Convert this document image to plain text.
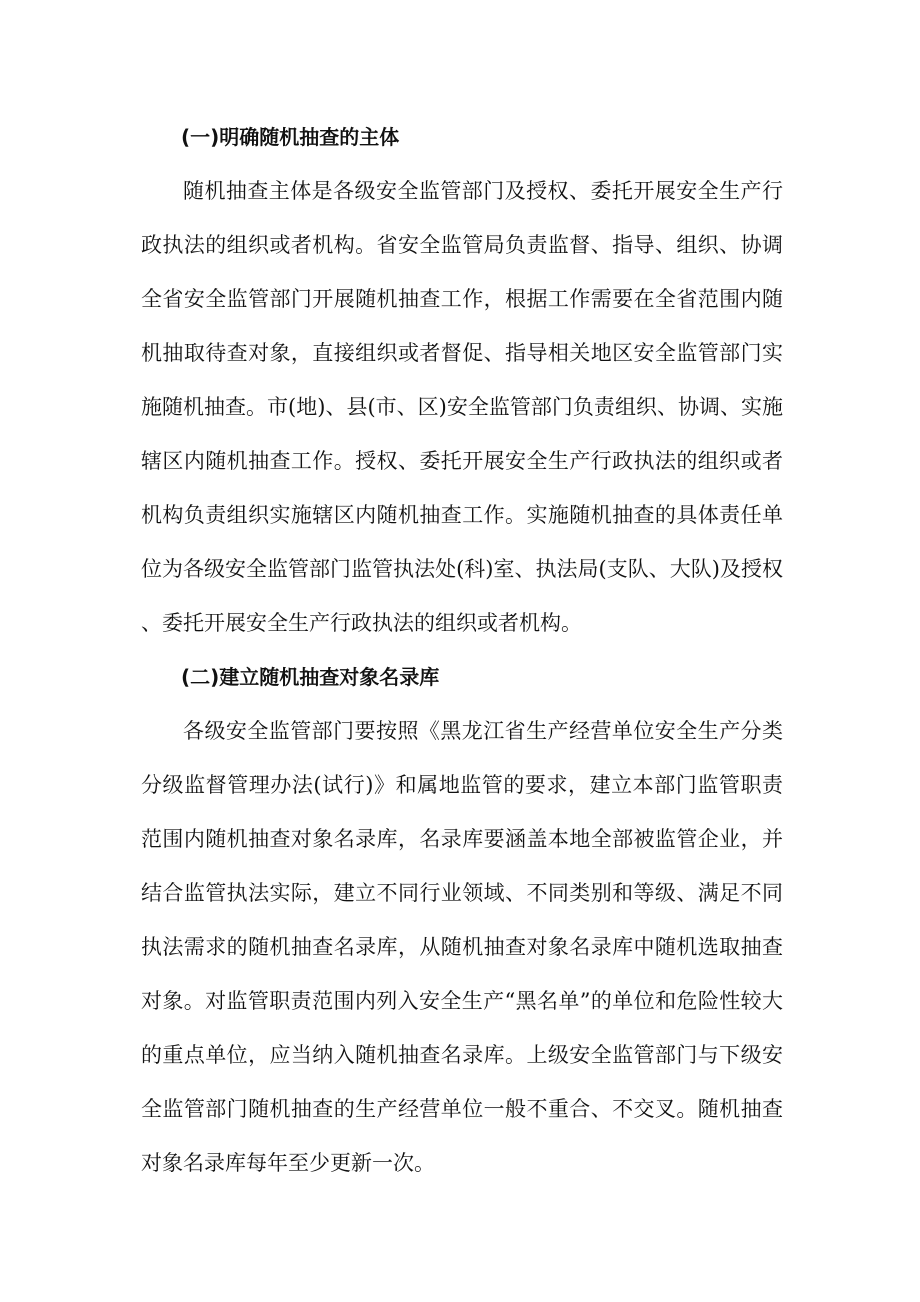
(一)明确随机抽查的主体

随机抽查主体是各级安全监管部门及授权、委托开展安全生产行政执法的组织或者机构。省安全监管局负责监督、指导、组织、协调全省安全监管部门开展随机抽查工作，根据工作需要在全省范围内随机抽取待查对象，直接组织或者督促、指导相关地区安全监管部门实施随机抽查。市(地)、县(市、区)安全监管部门负责组织、协调、实施辖区内随机抽查工作。授权、委托开展安全生产行政执法的组织或者机构负责组织实施辖区内随机抽查工作。实施随机抽查的具体责任单位为各级安全监管部门监管执法处(科)室、执法局(支队、大队)及授权、委托开展安全生产行政执法的组织或者机构。

(二)建立随机抽查对象名录库

各级安全监管部门要按照《黑龙江省生产经营单位安全生产分类分级监督管理办法(试行)》和属地监管的要求，建立本部门监管职责范围内随机抽查对象名录库，名录库要涵盖本地全部被监管企业，并结合监管执法实际，建立不同行业领域、不同类别和等级、满足不同执法需求的随机抽查名录库，从随机抽查对象名录库中随机选取抽查对象。对监管职责范围内列入安全生产“黑名单”的单位和危险性较大的重点单位，应当纳入随机抽查名录库。上级安全监管部门与下级安全监管部门随机抽查的生产经营单位一般不重合、不交叉。随机抽查对象名录库每年至少更新一次。
